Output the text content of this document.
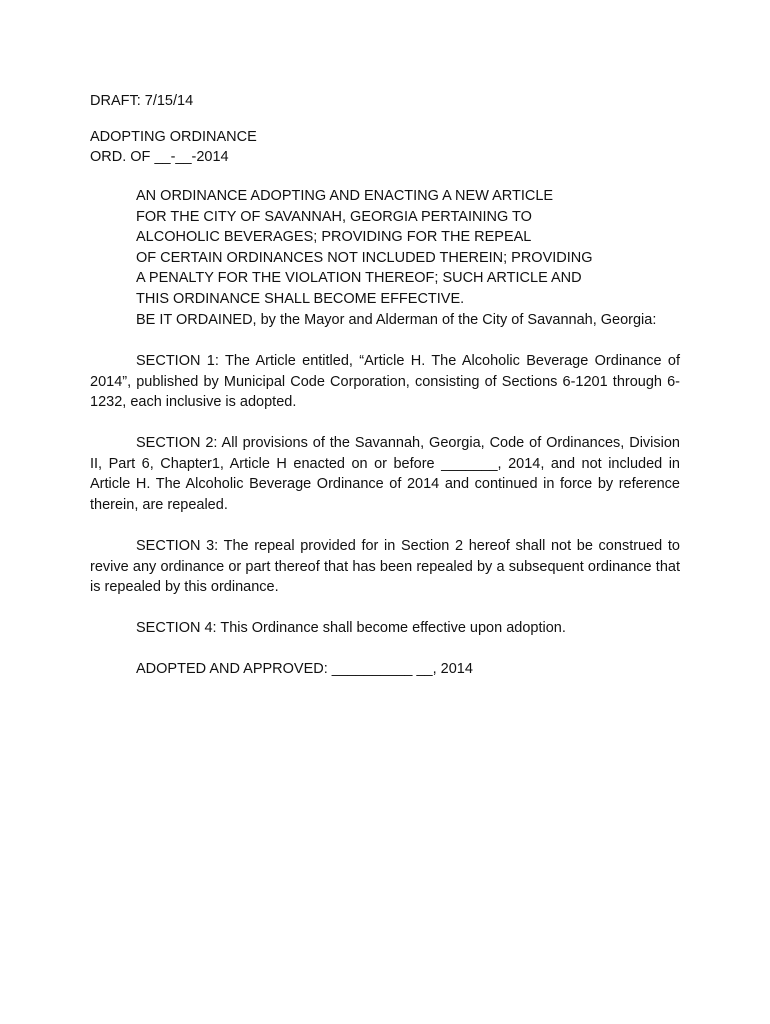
DRAFT: 7/15/14
ADOPTING ORDINANCE
ORD. OF __-__-2014
AN ORDINANCE ADOPTING AND ENACTING A NEW ARTICLE
FOR THE CITY OF SAVANNAH, GEORGIA PERTAINING TO
ALCOHOLIC BEVERAGES; PROVIDING FOR THE REPEAL
OF CERTAIN ORDINANCES NOT INCLUDED THEREIN; PROVIDING
A PENALTY FOR THE VIOLATION THEREOF; SUCH ARTICLE AND
THIS ORDINANCE SHALL BECOME EFFECTIVE.
BE IT ORDAINED, by the Mayor and Alderman of the City of Savannah, Georgia:

SECTION 1: The Article entitled, “Article H. The Alcoholic Beverage Ordinance of 2014”, published by Municipal Code Corporation, consisting of Sections 6-1201 through 6-1232, each inclusive is adopted.

SECTION 2: All provisions of the Savannah, Georgia, Code of Ordinances, Division II, Part 6, Chapter1, Article H enacted on or before _______, 2014, and not included in Article H. The Alcoholic Beverage Ordinance of 2014 and continued in force by reference therein, are repealed.

SECTION 3: The repeal provided for in Section 2 hereof shall not be construed to revive any ordinance or part thereof that has been repealed by a subsequent ordinance that is repealed by this ordinance.

SECTION 4: This Ordinance shall become effective upon adoption.

ADOPTED AND APPROVED: __________ __, 2014
